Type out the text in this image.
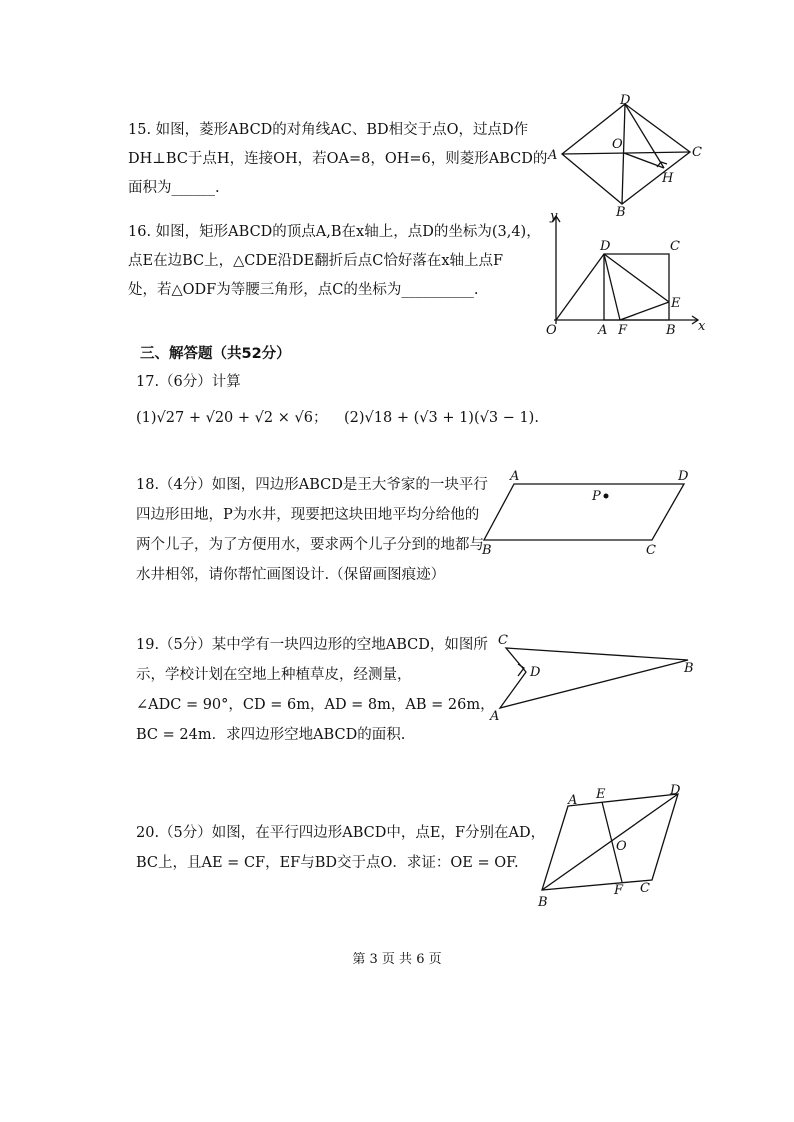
15. 如图，菱形ABCD的对角线AC、BD相交于点O，过点D作
DH⊥BC于点H，连接OH，若OA=8，OH=6，则菱形ABCD的
面积为______.
D
C
A
B
O
H
16. 如图，矩形ABCD的顶点A,B在x轴上，点D的坐标为(3,4)，
点E在边BC上，△CDE沿DE翻折后点C恰好落在x轴上点F
处，若△ODF为等腰三角形，点C的坐标为__________.
y
x
O	A F	B
D	C
E
三、解答题（共52分）
17.（6分）计算
(1)√27 + √20 + √2 × √6； (2)√18 + (√3 + 1)(√3 − 1).
18.（4分）如图，四边形ABCD是王大爷家的一块平行
四边形田地，P为水井，现要把这块田地平均分给他的
两个儿子，为了方便用水，要求两个儿子分到的地都与
水井相邻，请你帮忙画图设计.（保留画图痕迹）
A	D
B	C
P
19.（5分）某中学有一块四边形的空地ABCD，如图所
示，学校计划在空地上种植草皮，经测量，
∠ADC = 90°，CD = 6m，AD = 8m，AB = 26m，
BC = 24m．求四边形空地ABCD的面积.
C
B
A
D
20.（5分）如图，在平行四边形ABCD中，点E，F分别在AD，
BC上，且AE = CF，EF与BD交于点O．求证：OE = OF.
A E	D
O
B
F C
第 3 页 共 6 页
